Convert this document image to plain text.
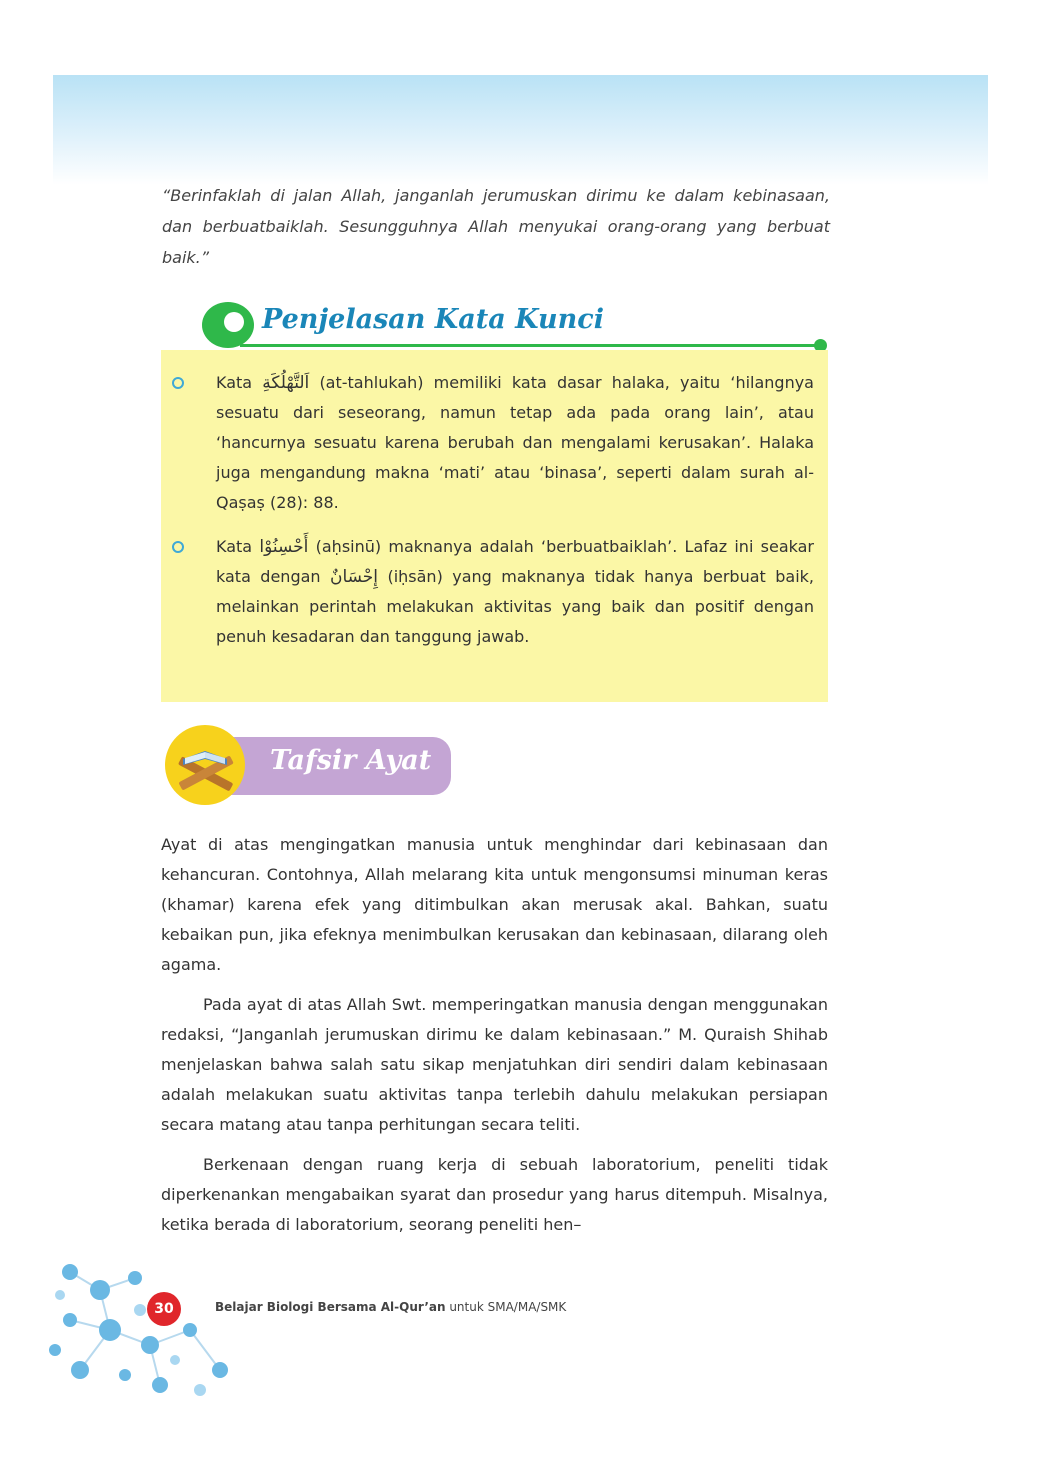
“Berinfaklah di jalan Allah, janganlah jerumuskan dirimu ke dalam kebinasaan, dan berbuatbaiklah. Sesungguhnya Allah menyukai orang-orang yang berbuat baik.”

Penjelasan Kata Kunci

Kata اَلتَّهْلُكَةِ (at-tahlukah) memiliki kata dasar halaka, yaitu ‘hilangnya sesuatu dari seseorang, namun tetap ada pada orang lain’, atau ‘hancurnya sesuatu karena berubah dan mengalami kerusakan’. Halaka juga mengandung makna ‘mati’ atau ‘binasa’, seperti dalam surah al-Qaṣaṣ (28): 88.

Kata أَحْسِنُوْا (aḥsinū) maknanya adalah ‘berbuatbaiklah’. Lafaz ini seakar kata dengan إِحْسَانٌ (iḥsān) yang maknanya tidak hanya berbuat baik, melainkan perintah melakukan aktivitas yang baik dan positif dengan penuh kesadaran dan tanggung jawab.

Tafsir Ayat

Ayat di atas mengingatkan manusia untuk menghindar dari kebinasaan dan kehancuran. Contohnya, Allah melarang kita untuk mengonsumsi minuman keras (khamar) karena efek yang ditimbulkan akan merusak akal. Bahkan, suatu kebaikan pun, jika efeknya menimbulkan kerusakan dan kebinasaan, dilarang oleh agama.

Pada ayat di atas Allah Swt. memperingatkan manusia dengan menggunakan redaksi, “Janganlah jerumuskan dirimu ke dalam kebinasaan.” M. Quraish Shihab menjelaskan bahwa salah satu sikap menjatuhkan diri sendiri dalam kebinasaan adalah melakukan suatu aktivitas tanpa terlebih dahulu melakukan persiapan secara matang atau tanpa perhitungan secara teliti.

Berkenaan dengan ruang kerja di sebuah laboratorium, peneliti tidak diperkenankan mengabaikan syarat dan prosedur yang harus ditempuh. Misalnya, ketika berada di laboratorium, seorang peneliti hen–

30	Belajar Biologi Bersama Al-Qur’an untuk SMA/MA/SMK
